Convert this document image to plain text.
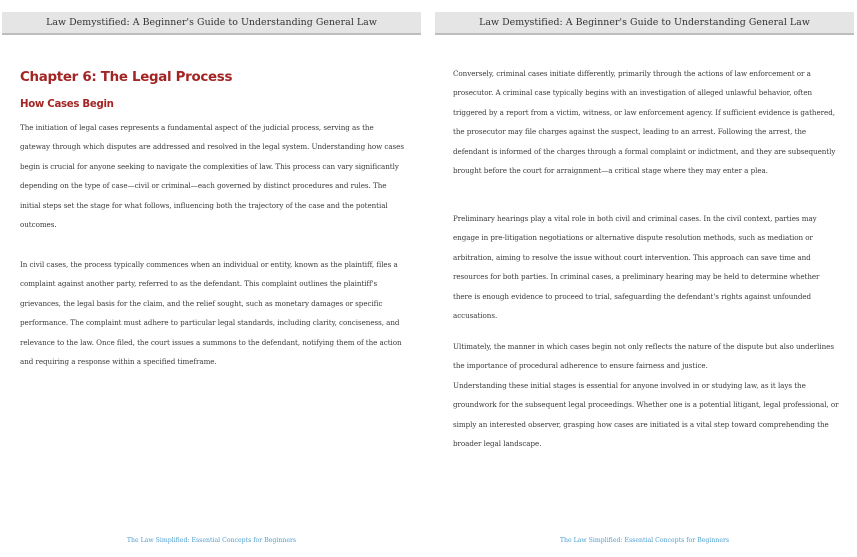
Law Demystified: A Beginner's Guide to Understanding General Law
Chapter 6: The Legal Process
How Cases Begin

The initiation of legal cases represents a fundamental aspect of the judicial process, serving as the gateway through which disputes are addressed and resolved in the legal system. Understanding how cases begin is crucial for anyone seeking to navigate the complexities of law. This process can vary significantly depending on the type of case—civil or criminal—each governed by distinct procedures and rules. The initial steps set the stage for what follows, influencing both the trajectory of the case and the potential outcomes.

In civil cases, the process typically commences when an individual or entity, known as the plaintiff, files a complaint against another party, referred to as the defendant. This complaint outlines the plaintiff's grievances, the legal basis for the claim, and the relief sought, such as monetary damages or specific performance. The complaint must adhere to particular legal standards, including clarity, conciseness, and relevance to the law. Once filed, the court issues a summons to the defendant, notifying them of the action and requiring a response within a specified timeframe.

The Law Simplified: Essential Concepts for Beginners
Law Demystified: A Beginner's Guide to Understanding General Law

Conversely, criminal cases initiate differently, primarily through the actions of law enforcement or a prosecutor. A criminal case typically begins with an investigation of alleged unlawful behavior, often triggered by a report from a victim, witness, or law enforcement agency. If sufficient evidence is gathered, the prosecutor may file charges against the suspect, leading to an arrest. Following the arrest, the defendant is informed of the charges through a formal complaint or indictment, and they are subsequently brought before the court for arraignment—a critical stage where they may enter a plea.

Preliminary hearings play a vital role in both civil and criminal cases. In the civil context, parties may engage in pre-litigation negotiations or alternative dispute resolution methods, such as mediation or arbitration, aiming to resolve the issue without court intervention. This approach can save time and resources for both parties. In criminal cases, a preliminary hearing may be held to determine whether there is enough evidence to proceed to trial, safeguarding the defendant's rights against unfounded accusations.

Ultimately, the manner in which cases begin not only reflects the nature of the dispute but also underlines the importance of procedural adherence to ensure fairness and justice.

Understanding these initial stages is essential for anyone involved in or studying law, as it lays the groundwork for the subsequent legal proceedings. Whether one is a potential litigant, legal professional, or simply an interested observer, grasping how cases are initiated is a vital step toward comprehending the broader legal landscape.

The Law Simplified: Essential Concepts for Beginners
